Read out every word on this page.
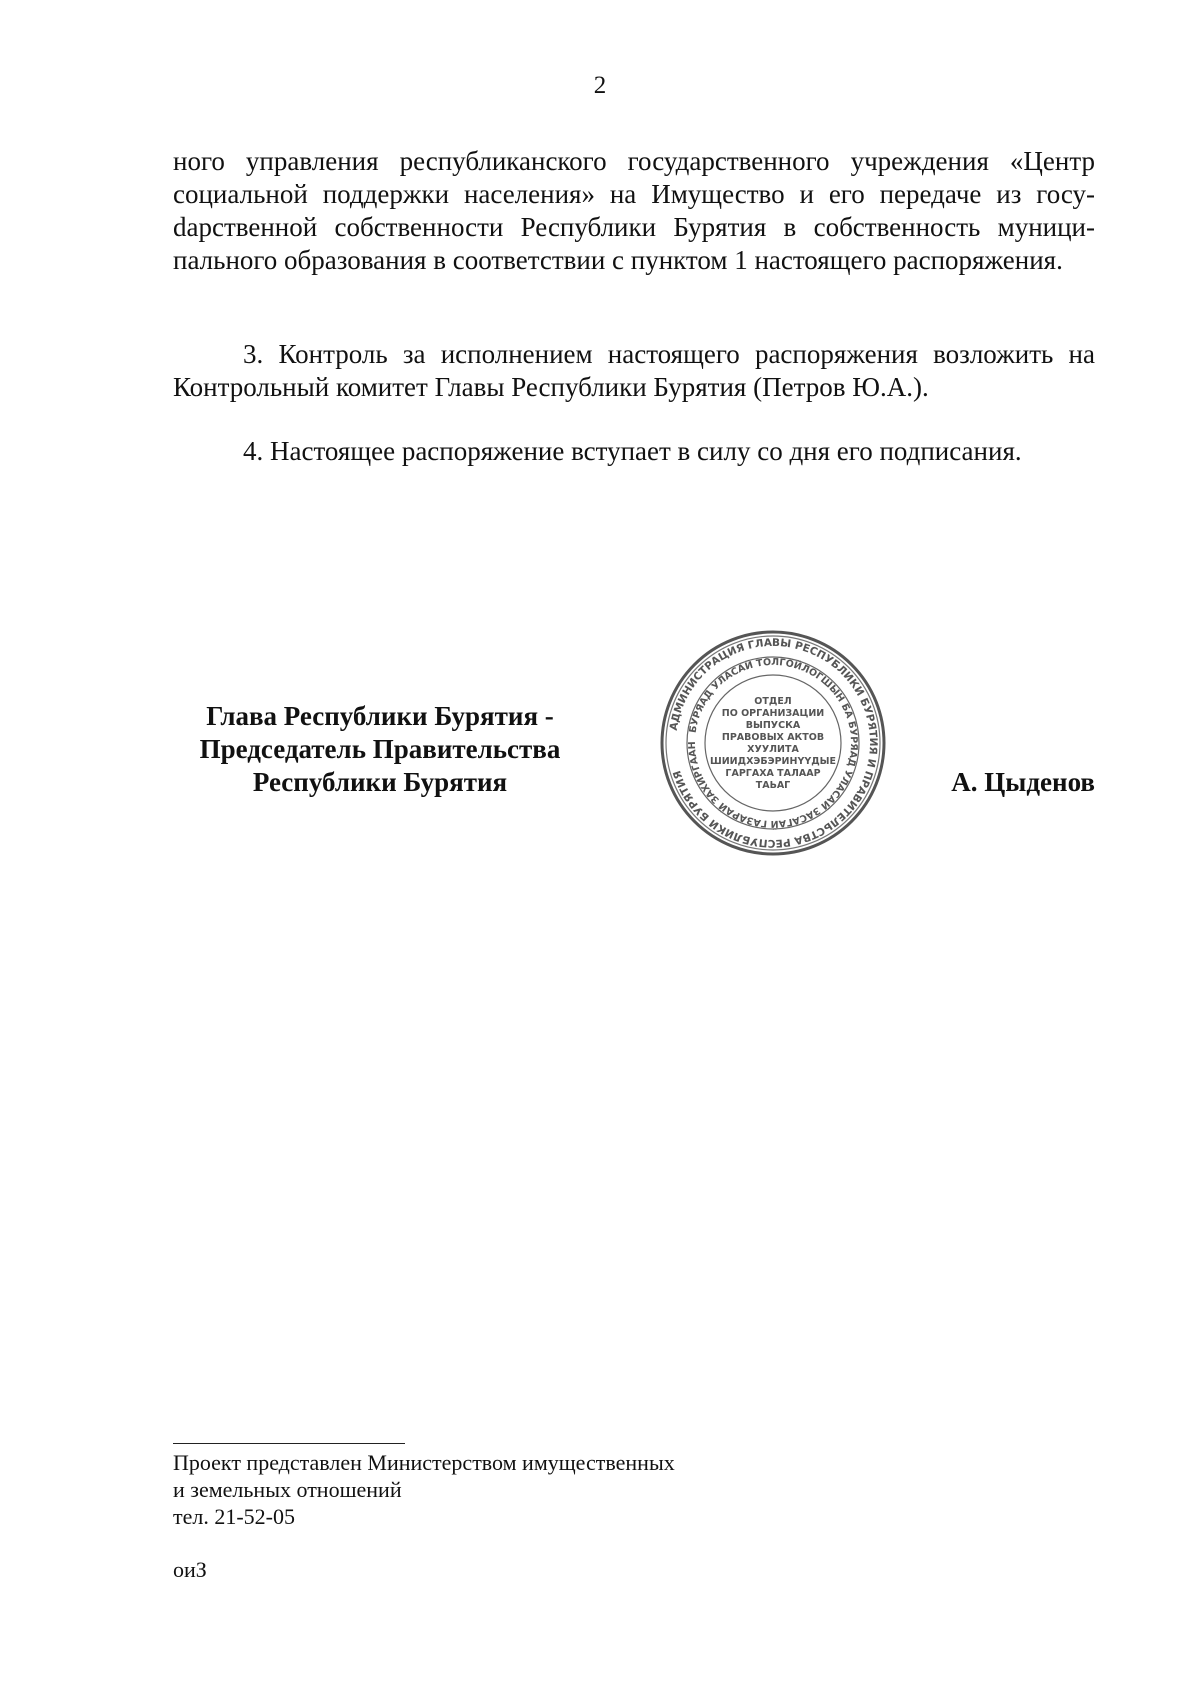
2
ного управления республиканского государственного учреждения «Центр социальной поддержки населения» на Имущество и его передаче из госуdарственной собственности Республики Бурятия в собственность муниципального образования в соответствии с пунктом 1 настоящего распоряжения.
3. Контроль за исполнением настоящего распоряжения возложить на Контрольный комитет Главы Республики Бурятия (Петров Ю.А.).
4. Настоящее распоряжение вступает в силу со дня его подписания.
Глава Республики Бурятия -
Председатель Правительства
Республики Бурятия
АДМИНИСТРАЦИЯ ГЛАВЫ РЕСПУБЛИКИ БУРЯТИЯ И ПРАВИТЕЛЬСТВА РЕСПУБЛИКИ БУРЯТИЯ
БУРЯАД УЛАСАЙ ТОЛГОЙЛОГШЫН БА БУРЯАД УЛАСАЙ ЗАСАГАЙ ГАЗАРАЙ ЗАХИРГААН
ОТДЕЛ
ПО ОРГАНИЗАЦИИ
ВЫПУСКА
ПРАВОВЫХ АКТОВ
ХУУЛИТА
ШИИДХЭБЭРИНҮҮДЫЕ
ГАРГАХА ТАЛААР
ТАЬАГ	А. Цыденов
Проект представлен Министерством имущественных
и земельных отношений
тел. 21-52-05
оиЗ
